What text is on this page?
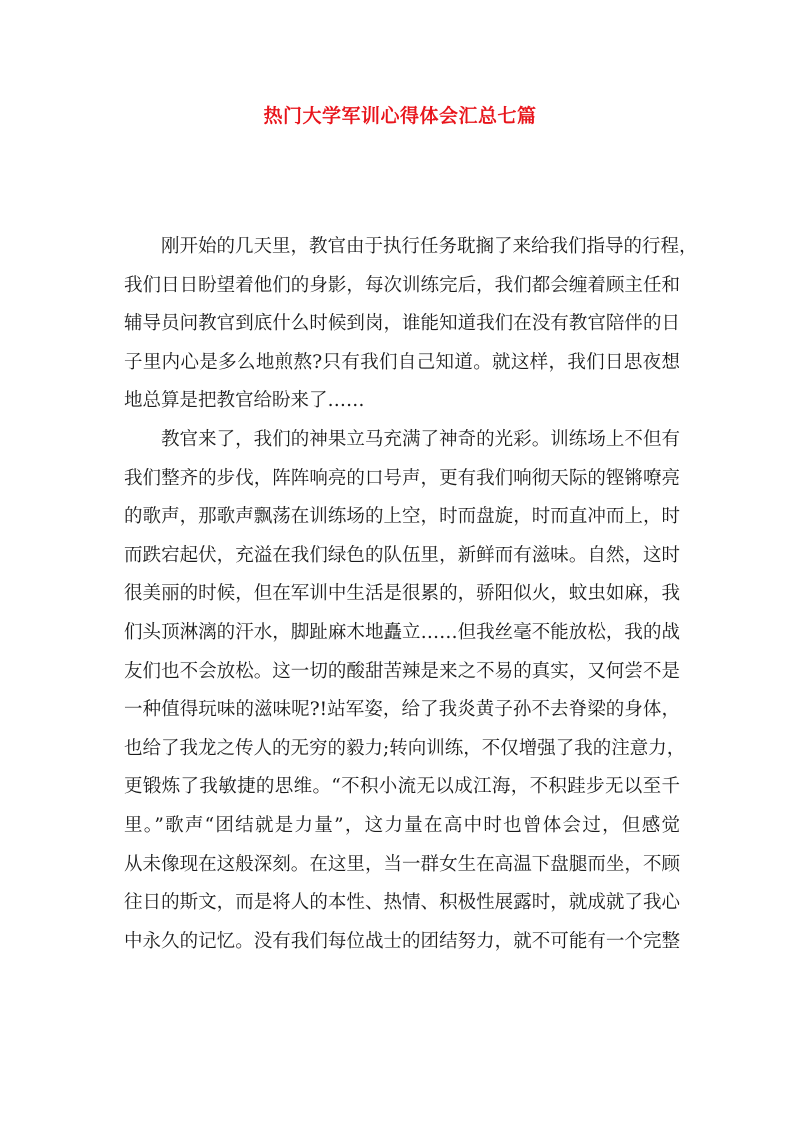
热门大学军训心得体会汇总七篇
刚开始的几天里，教官由于执行任务耽搁了来给我们指导的行程，
我们日日盼望着他们的身影，每次训练完后，我们都会缠着顾主任和
辅导员问教官到底什么时候到岗，谁能知道我们在没有教官陪伴的日
子里内心是多么地煎熬?只有我们自己知道。就这样，我们日思夜想
地总算是把教官给盼来了……
教官来了，我们的神果立马充满了神奇的光彩。训练场上不但有
我们整齐的步伐，阵阵响亮的口号声，更有我们响彻天际的铿锵嘹亮
的歌声，那歌声飘荡在训练场的上空，时而盘旋，时而直冲而上，时
而跌宕起伏，充溢在我们绿色的队伍里，新鲜而有滋味。自然，这时
很美丽的时候，但在军训中生活是很累的，骄阳似火，蚊虫如麻，我
们头顶淋漓的汗水，脚趾麻木地矗立……但我丝毫不能放松，我的战
友们也不会放松。这一切的酸甜苦辣是来之不易的真实，又何尝不是
一种值得玩味的滋味呢?!站军姿，给了我炎黄子孙不去脊梁的身体，
也给了我龙之传人的无穷的毅力;转向训练，不仅增强了我的注意力，
更锻炼了我敏捷的思维。“不积小流无以成江海，不积跬步无以至千
里。”歌声“团结就是力量”，这力量在高中时也曾体会过，但感觉
从未像现在这般深刻。在这里，当一群女生在高温下盘腿而坐，不顾
往日的斯文，而是将人的本性、热情、积极性展露时，就成就了我心
中永久的记忆。没有我们每位战士的团结努力，就不可能有一个完整
